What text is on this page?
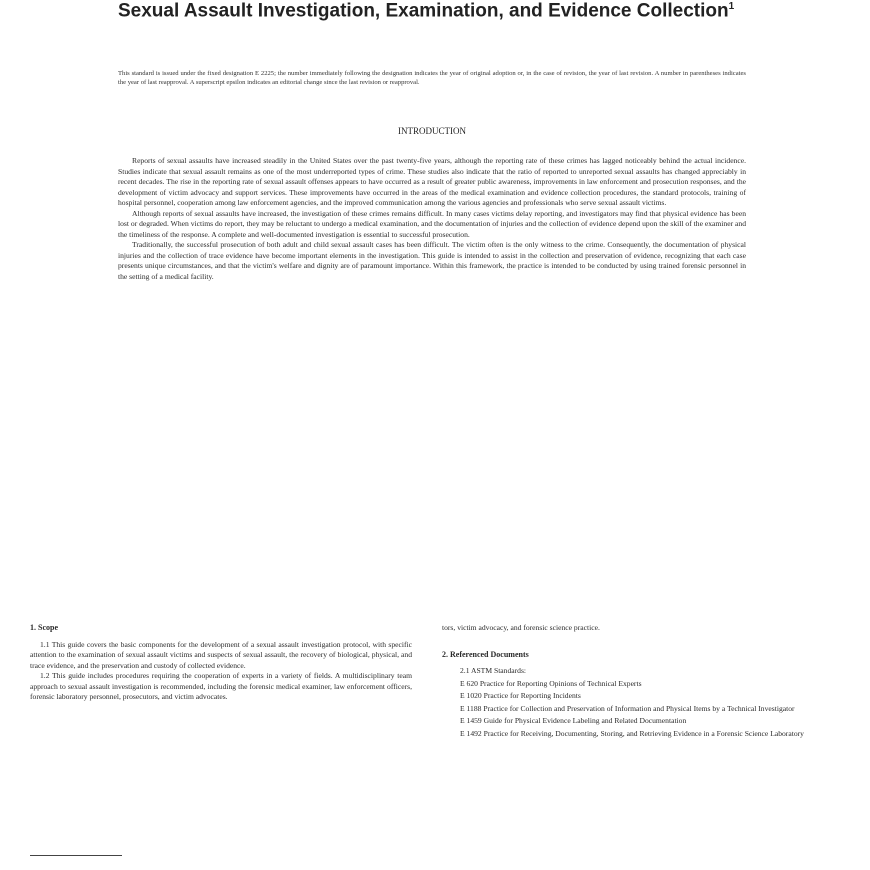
Sexual Assault Investigation, Examination, and Evidence Collection$^1$
This standard is issued under the fixed designation E 2225; the number immediately following the designation indicates the year of original adoption or, in the case of revision, the year of last revision. A number in parentheses indicates the year of last reapproval. A superscript epsilon indicates an editorial change since the last revision or reapproval.
INTRODUCTION

Reports of sexual assaults have increased steadily in the United States over the past twenty-five years, although the reporting rate of these crimes has lagged noticeably behind the actual incidence. Studies indicate that sexual assault remains as one of the most underreported types of crime. These studies also indicate that the ratio of reported to unreported sexual assaults has changed appreciably in recent decades. The rise in the reporting rate of sexual assault offenses appears to have occurred as a result of greater public awareness, improvements in law enforcement and prosecution responses, and the development of victim advocacy and support services. These improvements have occurred in the areas of the medical examination and evidence collection procedures, the standard protocols, training of hospital personnel, cooperation among law enforcement agencies, and the improved communication among the various agencies and professionals who serve sexual assault victims.

Although reports of sexual assaults have increased, the investigation of these crimes remains difficult. In many cases victims delay reporting, and investigators may find that physical evidence has been lost or degraded. When victims do report, they may be reluctant to undergo a medical examination, and the documentation of injuries and the collection of evidence depend upon the skill of the examiner and the timeliness of the response. A complete and well-documented investigation is essential to successful prosecution.

Traditionally, the successful prosecution of both adult and child sexual assault cases has been difficult. The victim often is the only witness to the crime. Consequently, the documentation of physical injuries and the collection of trace evidence have become important elements in the investigation. This guide is intended to assist in the collection and preservation of evidence, recognizing that each case presents unique circumstances, and that the victim's welfare and dignity are of paramount importance. Within this framework, the practice is intended to be conducted by using trained forensic personnel in the setting of a medical facility.

1. Scope

1.1 This guide covers the basic components for the development of a sexual assault investigation protocol, with specific attention to the examination of sexual assault victims and suspects of sexual assault, the recovery of biological, physical, and trace evidence, and the preservation and custody of collected evidence.

1.2 This guide includes procedures requiring the cooperation of experts in a variety of fields. A multidisciplinary team approach to sexual assault investigation is recommended, including the forensic medical examiner, law enforcement officers, forensic laboratory personnel, prosecutors, and victim advocates.

tors, victim advocacy, and forensic science practice.

2. Referenced Documents
2.1 ASTM Standards:
E 620 Practice for Reporting Opinions of Technical Experts
E 1020 Practice for Reporting Incidents
E 1188 Practice for Collection and Preservation of Information and Physical Items by a Technical Investigator
E 1459 Guide for Physical Evidence Labeling and Related Documentation
E 1492 Practice for Receiving, Documenting, Storing, and Retrieving Evidence in a Forensic Science Laboratory
